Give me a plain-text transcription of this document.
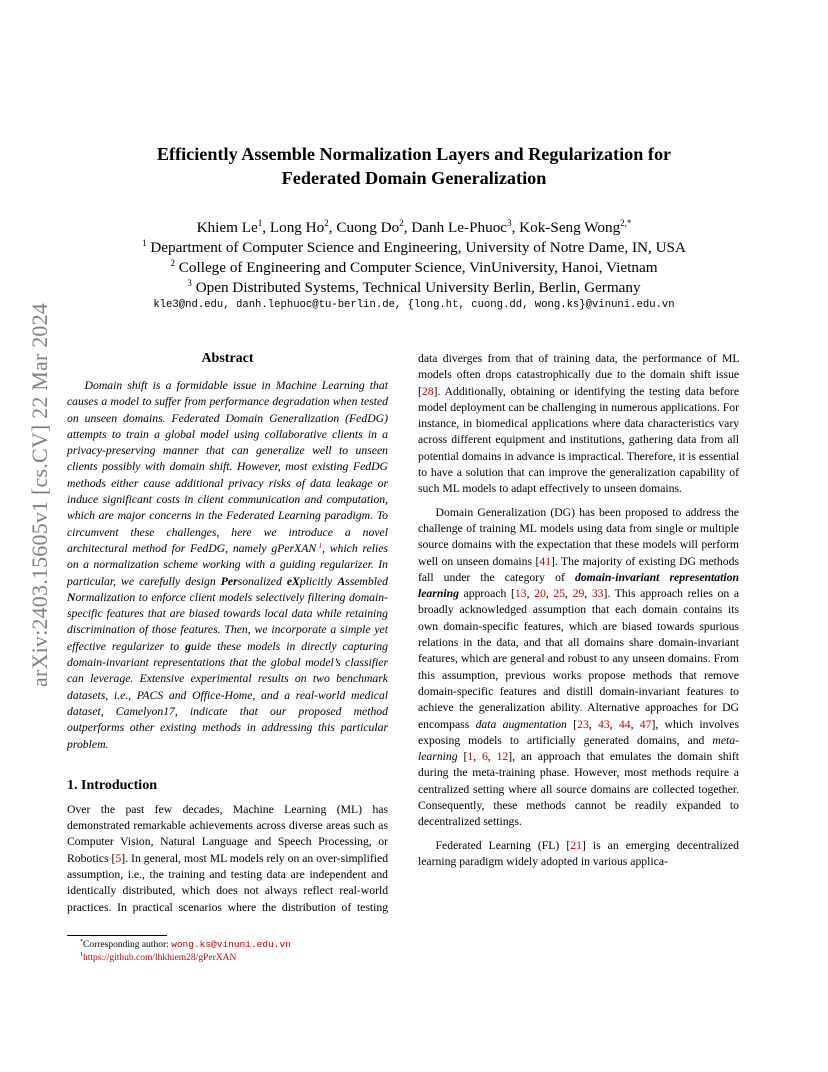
arXiv:2403.15605v1 [cs.CV] 22 Mar 2024
Efficiently Assemble Normalization Layers and Regularization for
Federated Domain Generalization
Khiem Le$^1$, Long Ho$^2$, Cuong Do$^2$, Danh Le-Phuoc$^3$, Kok-Seng Wong$^{2,*}$
$^1$ Department of Computer Science and Engineering, University of Notre Dame, IN, USA
$^2$ College of Engineering and Computer Science, VinUniversity, Hanoi, Vietnam
$^3$ Open Distributed Systems, Technical University Berlin, Berlin, Germany
kle3@nd.edu, danh.lephuoc@tu-berlin.de, {long.ht, cuong.dd, wong.ks}@vinuni.edu.vn
Abstract

Domain shift is a formidable issue in Machine Learning that causes a model to suffer from performance degradation when tested on unseen domains. Federated Domain Generalization (FedDG) attempts to train a global model using collaborative clients in a privacy-preserving manner that can generalize well to unseen clients possibly with domain shift. However, most existing FedDG methods either cause additional privacy risks of data leakage or induce significant costs in client communication and computation, which are major concerns in the Federated Learning paradigm. To circumvent these challenges, here we introduce a novel architectural method for FedDG, namely gPerXAN  $^1$, which relies on a normalization scheme working with a guiding regularizer. In particular, we carefully design Personalized eXplicitly Assembled Normalization to enforce client models selectively filtering domain-specific features that are biased towards local data while retaining discrimination of those features. Then, we incorporate a simple yet effective regularizer to guide these models in directly capturing domain-invariant representations that the global model’s classifier can leverage. Extensive experimental results on two benchmark datasets, i.e., PACS and Office-Home, and a real-world medical dataset, Camelyon17, indicate that our proposed method outperforms other existing methods in addressing this particular problem.

1. Introduction

Over the past few decades, Machine Learning (ML) has demonstrated remarkable achievements across diverse areas such as Computer Vision, Natural Language and Speech Processing, or Robotics [5]. In general, most ML models rely on an over-simplified assumption, i.e., the training and testing data are independent and identically distributed, which does not always reflect real-world practices. In practical scenarios where the distribution of testing

data diverges from that of training data, the performance of ML models often drops catastrophically due to the domain shift issue [28]. Additionally, obtaining or identifying the testing data before model deployment can be challenging in numerous applications. For instance, in biomedical applications where data characteristics vary across different equipment and institutions, gathering data from all potential domains in advance is impractical. Therefore, it is essential to have a solution that can improve the generalization capability of such ML models to adapt effectively to unseen domains.

Domain Generalization (DG) has been proposed to address the challenge of training ML models using data from single or multiple source domains with the expectation that these models will perform well on unseen domains [41]. The majority of existing DG methods fall under the category of domain-invariant representation learning approach [13, 20, 25, 29, 33]. This approach relies on a broadly acknowledged assumption that each domain contains its own domain-specific features, which are biased towards spurious relations in the data, and that all domains share domain-invariant features, which are general and robust to any unseen domains. From this assumption, previous works propose methods that remove domain-specific features and distill domain-invariant features to achieve the generalization ability. Alternative approaches for DG encompass data augmentation [23, 43, 44, 47], which involves exposing models to artificially generated domains, and meta-learning [1, 6, 12], an approach that emulates the domain shift during the meta-training phase. However, most methods require a centralized setting where all source domains are collected together. Consequently, these methods cannot be readily expanded to decentralized settings.

Federated Learning (FL) [21] is an emerging decentralized learning paradigm widely adopted in various applica-

*Corresponding author: wong.ks@vinuni.edu.vn
$^1$https://github.com/lhkhiem28/gPerXAN
